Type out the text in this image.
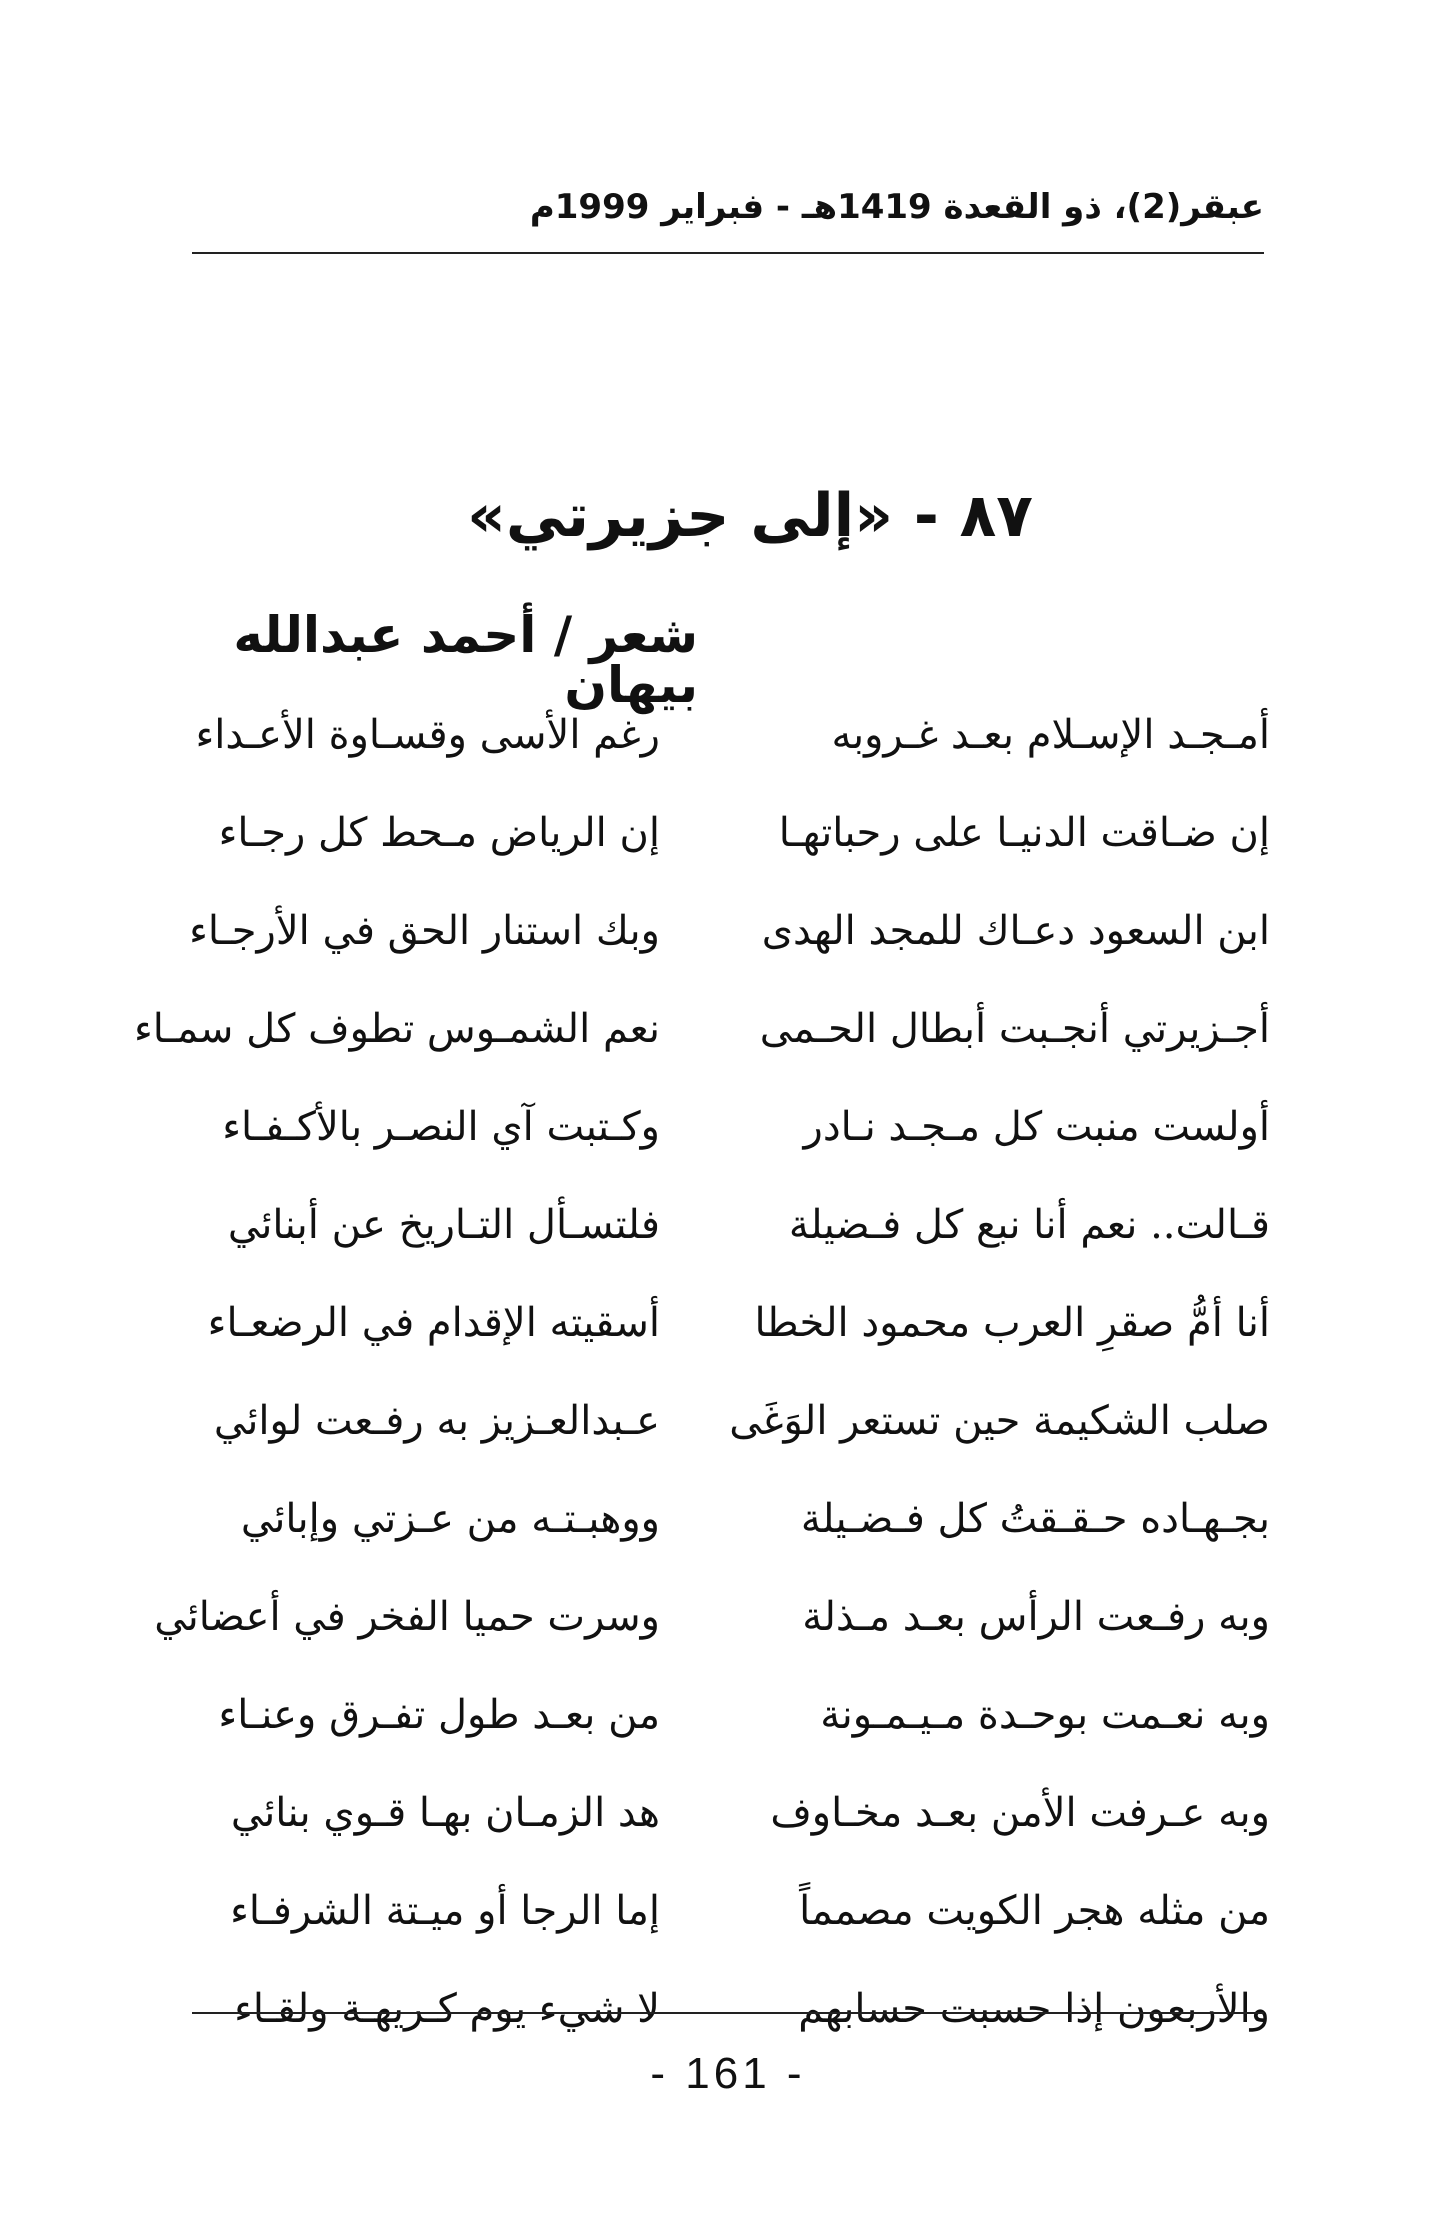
عبقر(2)، ذو القعدة 1419هـ - فبراير 1999م
٨٧ - «إلى جزيرتي»
شعر / أحمد عبدالله بيهان
أمـجـد الإسـلام بعـد غـروبه
رغم الأسى وقسـاوة الأعـداء
إن ضـاقت الدنيـا على رحباتهـا
إن الرياض مـحط كل رجـاء
ابن السعود دعـاك للمجد الهدى
وبك استنار الحق في الأرجـاء
أجـزيرتي أنجـبت أبطال الحـمى
نعم الشمـوس تطوف كل سمـاء
أولست منبت كل مـجـد نـادر
وكـتبت آي النصـر بالأكـفـاء
قـالت.. نعم أنا نبع كل فـضيلة
فلتسـأل التـاريخ عن أبنائي
أنا أمُّ صقرِ العرب محمود الخطا
أسقيته الإقدام في الرضعـاء
صلب الشكيمة حين تستعر الوَغَى
عـبدالعـزيز به رفـعت لوائي
بجـهـاده حـقـقتُ كل فـضـيلة
ووهبـتـه من عـزتي وإبائي
وبه رفـعت الرأس بعـد مـذلة
وسرت حميا الفخر في أعضائي
وبه نعـمت بوحـدة مـيـمـونة
من بعـد طول تفـرق وعنـاء
وبه عـرفت الأمن بعـد مخـاوف
هد الزمـان بهـا قـوي بنائي
من مثله هجر الكويت مصمماً
إما الرجا أو ميـتة الشرفـاء
والأربعون إذا حسبت حسابهم
لا شيء يوم كـريهـة ولقـاء
- 161 -
